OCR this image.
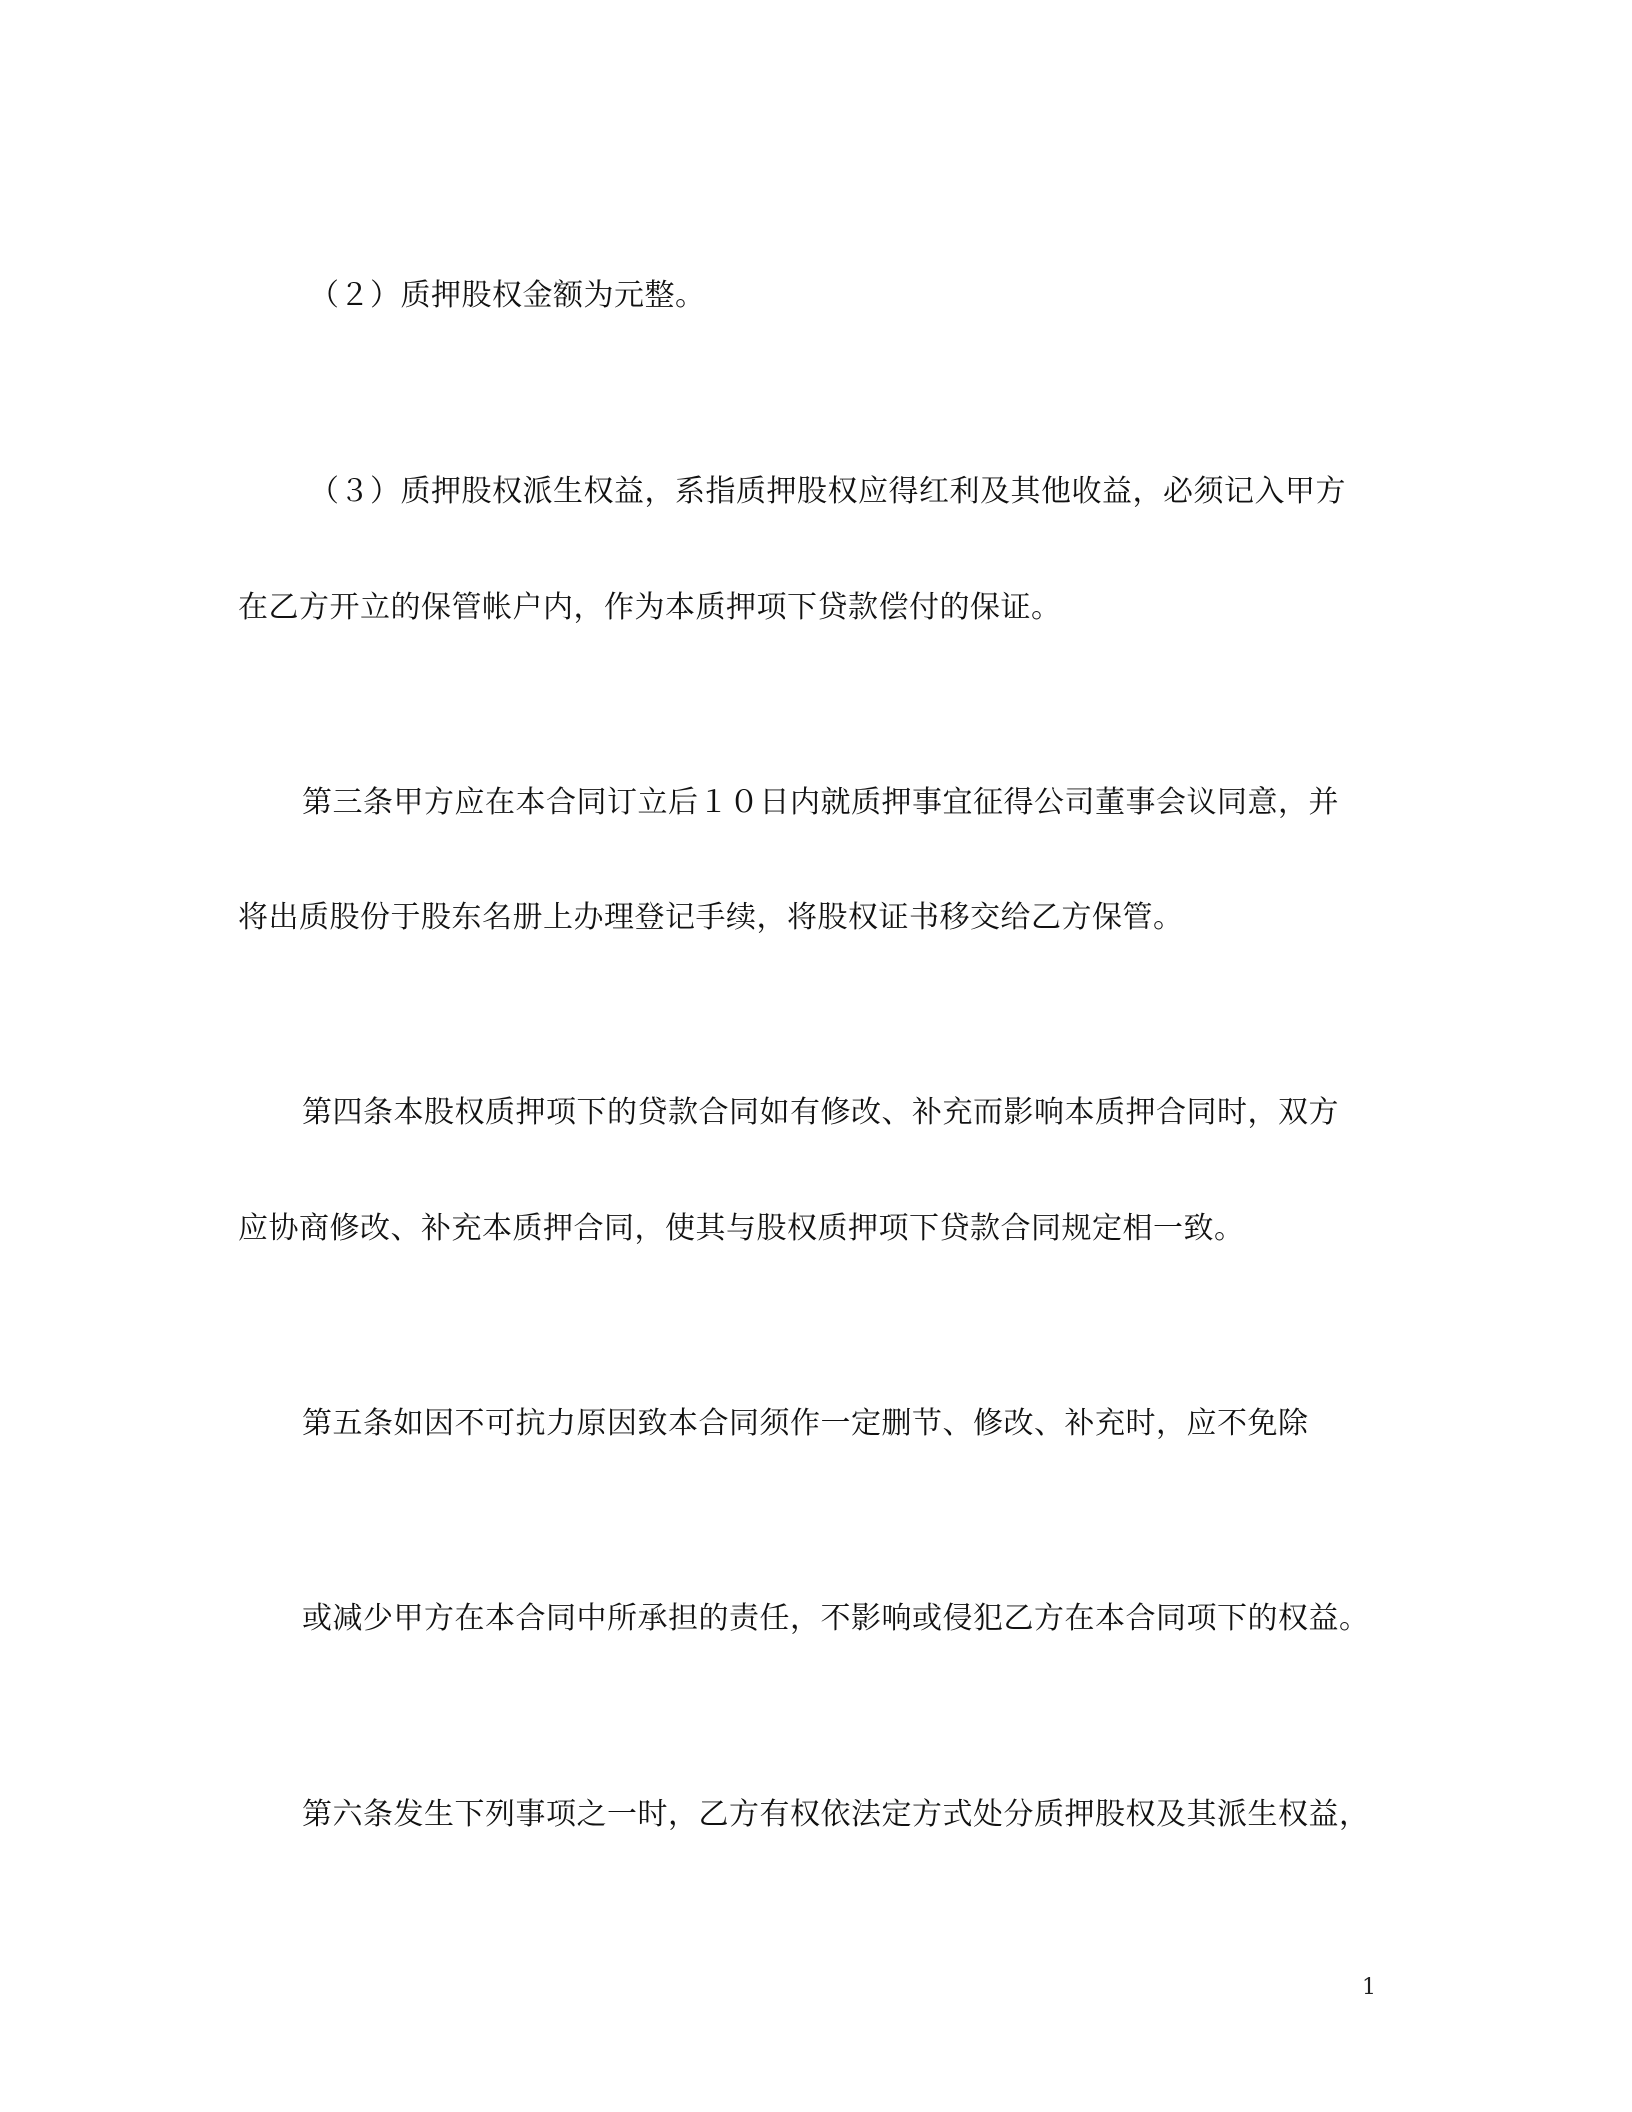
（２）质押股权金额为元整。
（３）质押股权派生权益，系指质押股权应得红利及其他收益，必须记入甲方
在乙方开立的保管帐户内，作为本质押项下贷款偿付的保证。
第三条甲方应在本合同订立后１０日内就质押事宜征得公司董事会议同意，并
将出质股份于股东名册上办理登记手续，将股权证书移交给乙方保管。
第四条本股权质押项下的贷款合同如有修改、补充而影响本质押合同时，双方
应协商修改、补充本质押合同，使其与股权质押项下贷款合同规定相一致。
第五条如因不可抗力原因致本合同须作一定删节、修改、补充时，应不免除
或减少甲方在本合同中所承担的责任，不影响或侵犯乙方在本合同项下的权益。
第六条发生下列事项之一时，乙方有权依法定方式处分质押股权及其派生权益，
1
